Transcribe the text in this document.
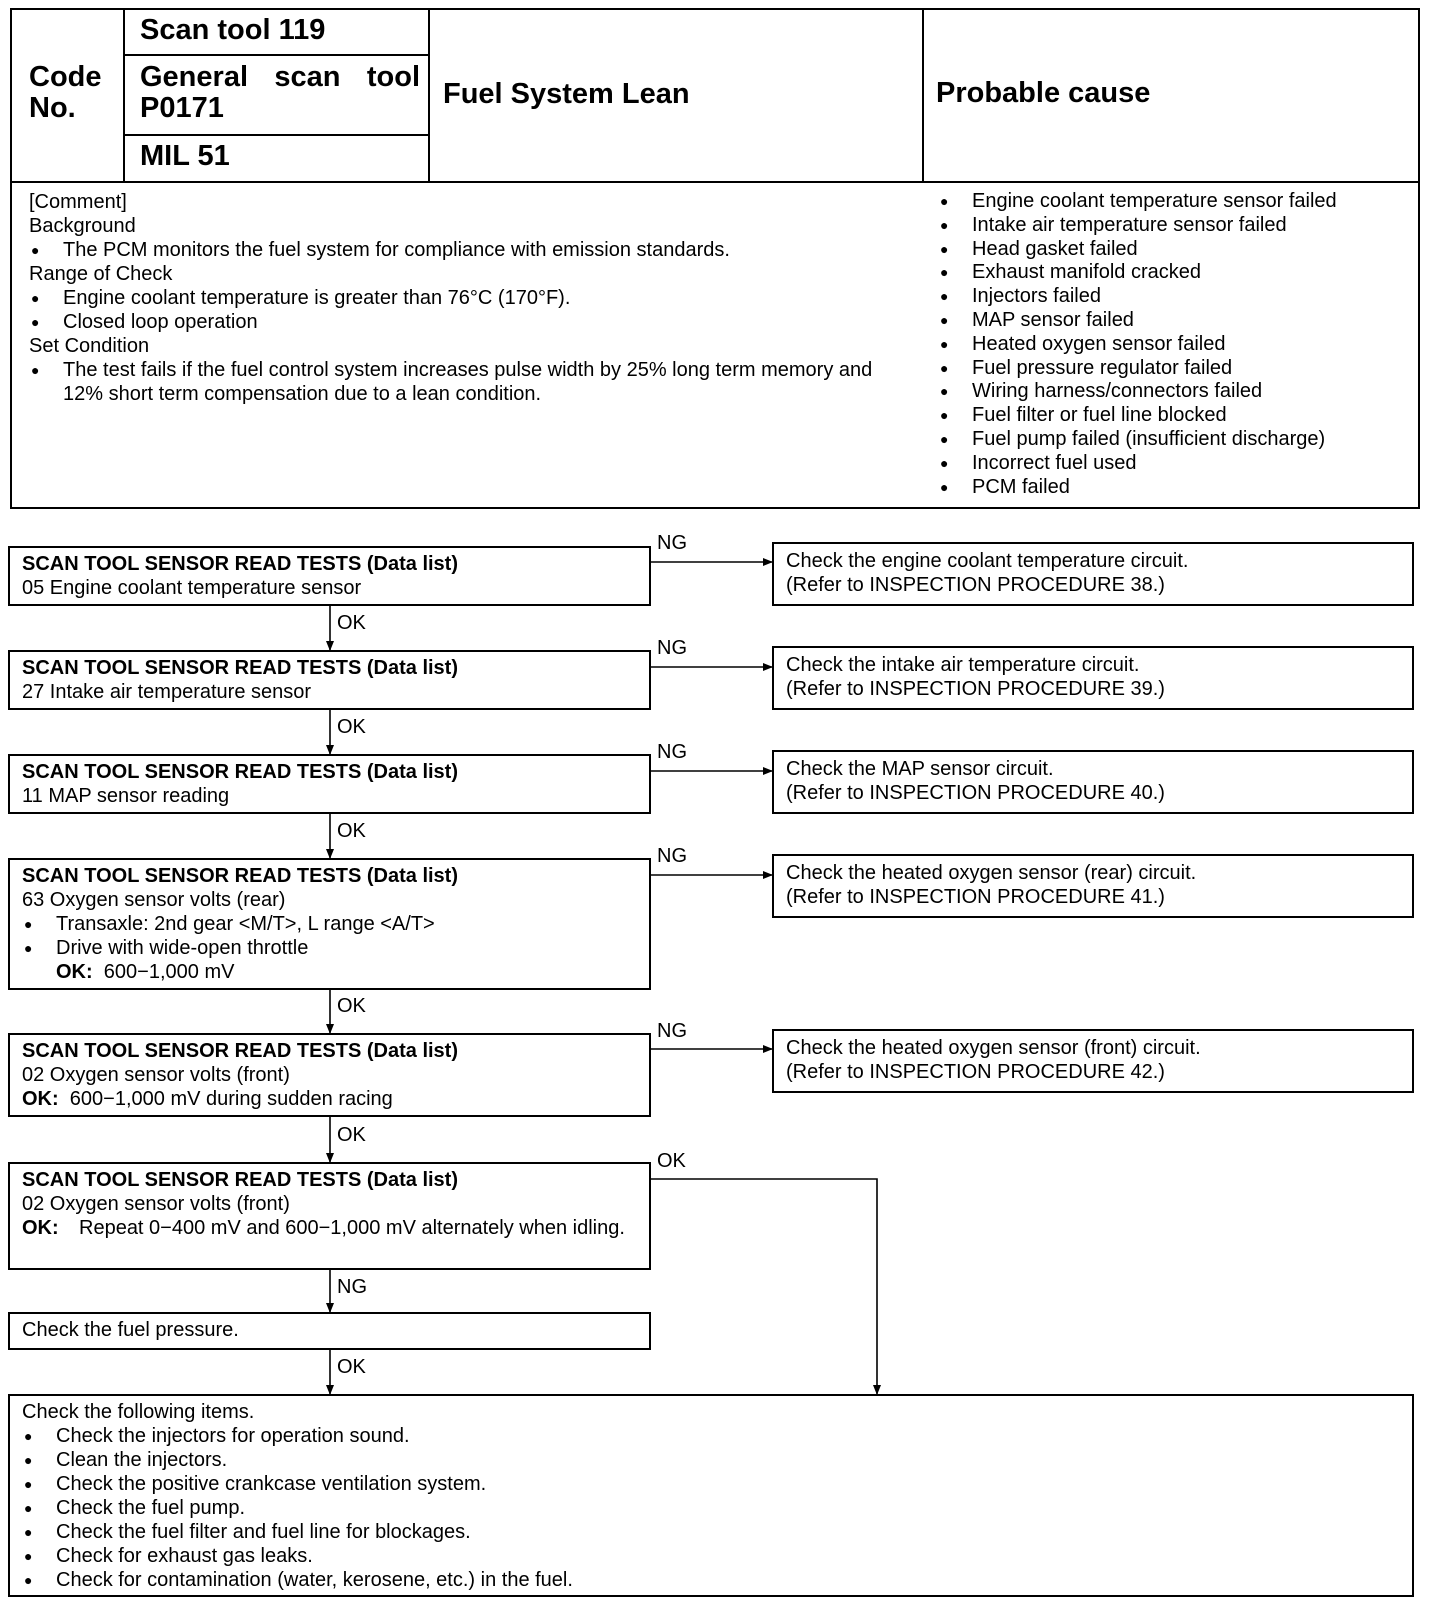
Code No.
Scan tool 119
General scan tool P0171
MIL 51
Fuel System Lean	Probable cause
[Comment]
Background
● The PCM monitors the fuel system for compliance with emission standards.
Range of Check
● Engine coolant temperature is greater than 76°C (170°F).
● Closed loop operation
Set Condition
● The test fails if the fuel control system increases pulse width by 25% long term memory and 12% short term compensation due to a lean condition.
● Engine coolant temperature sensor failed
● Intake air temperature sensor failed
● Head gasket failed
● Exhaust manifold cracked
● Injectors failed
● MAP sensor failed
● Heated oxygen sensor failed
● Fuel pressure regulator failed
● Wiring harness/connectors failed
● Fuel filter or fuel line blocked
● Fuel pump failed (insufficient discharge)
● Incorrect fuel used
● PCM failed
SCAN TOOL SENSOR READ TESTS (Data list)
05 Engine coolant temperature sensor
SCAN TOOL SENSOR READ TESTS (Data list)
27 Intake air temperature sensor
SCAN TOOL SENSOR READ TESTS (Data list)
11 MAP sensor reading
SCAN TOOL SENSOR READ TESTS (Data list)
63 Oxygen sensor volts (rear)
● Transaxle: 2nd gear <M/T>, L range <A/T>
● Drive with wide-open throttle
OK: 600−1,000 mV
SCAN TOOL SENSOR READ TESTS (Data list)
02 Oxygen sensor volts (front)
OK: 600−1,000 mV during sudden racing
SCAN TOOL SENSOR READ TESTS (Data list)
02 Oxygen sensor volts (front)
OK:	Repeat 0−400 mV and 600−1,000 mV alternately when idling.
Check the fuel pressure.
Check the engine coolant temperature circuit.
(Refer to INSPECTION PROCEDURE 38.)
Check the intake air temperature circuit.
(Refer to INSPECTION PROCEDURE 39.)
Check the MAP sensor circuit.
(Refer to INSPECTION PROCEDURE 40.)
Check the heated oxygen sensor (rear) circuit.
(Refer to INSPECTION PROCEDURE 41.)
Check the heated oxygen sensor (front) circuit.
(Refer to INSPECTION PROCEDURE 42.)
Check the following items.
● Check the injectors for operation sound.
● Clean the injectors.
● Check the positive crankcase ventilation system.
● Check the fuel pump.
● Check the fuel filter and fuel line for blockages.
● Check for exhaust gas leaks.
● Check for contamination (water, kerosene, etc.) in the fuel.
NG
OK
NG
OK
NG
OK
NG
OK
NG
OK
OK
NG
OK
